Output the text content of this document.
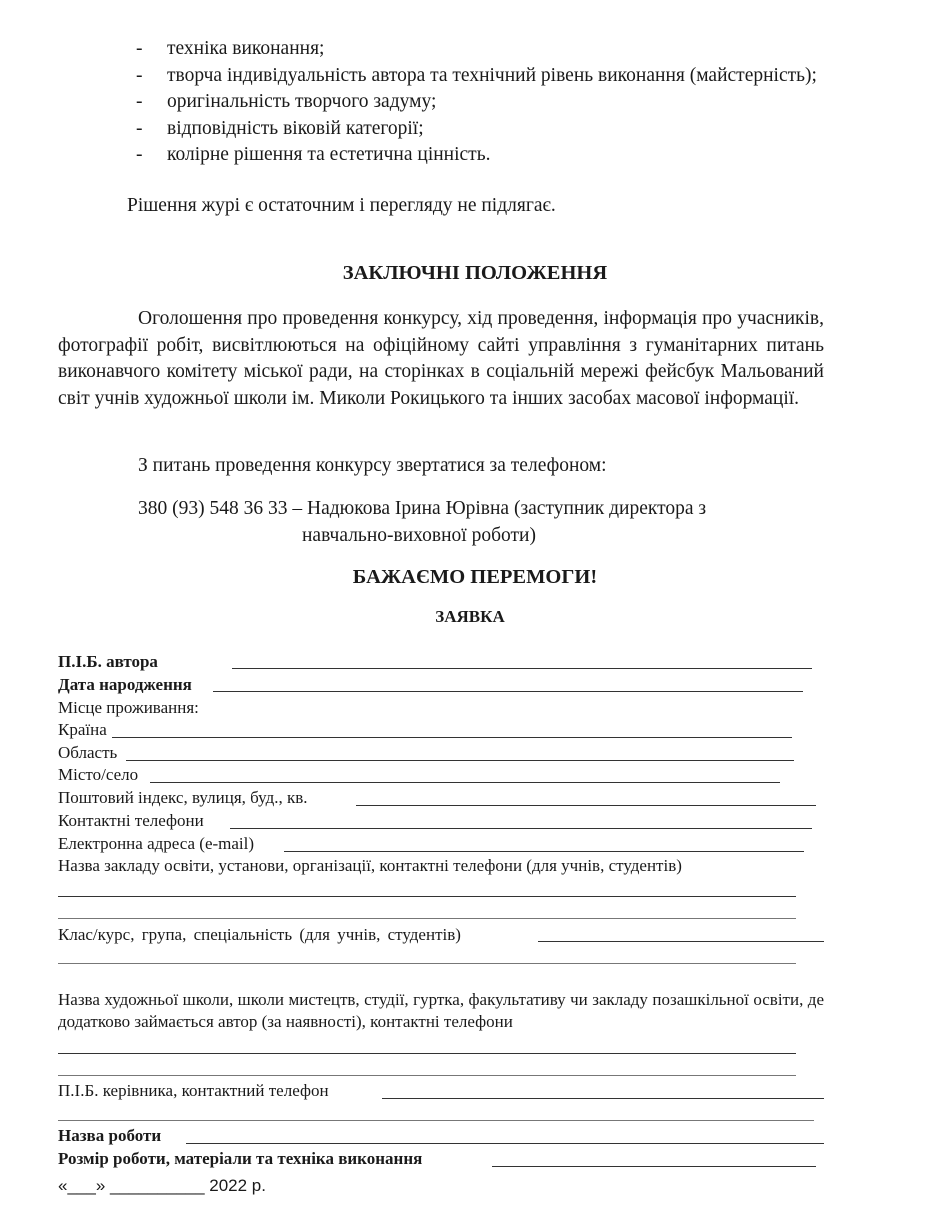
- техніка виконання;
- творча індивідуальність автора та технічний рівень виконання (майстерність);
- оригінальність творчого задуму;
- відповідність віковій категорії;
- колірне рішення та естетична цінність.
Рішення журі є остаточним і перегляду не підлягає.
ЗАКЛЮЧНІ ПОЛОЖЕННЯ
Оголошення про проведення конкурсу, хід проведення, інформація про учасників, фотографії робіт, висвітлюються на офіційному сайті управління з гуманітарних питань виконавчого комітету міської ради, на сторінках в соціальній мережі фейсбук Мальований світ учнів художньої школи ім. Миколи Рокицького та інших засобах масової інформації.
З питань проведення конкурсу звертатися за телефоном:
380 (93) 548 36 33 – Надюкова Ірина Юрівна (заступник директора з
навчально-виховної роботи)
БАЖАЄМО ПЕРЕМОГИ!
ЗАЯВКА
П.І.Б. автора
Дата народження
Місце проживання:
Країна
Область
Місто/село
Поштовий індекс, вулиця, буд., кв.
Контактні телефони
Електронна адреса (e-mail)
Назва закладу освіти, установи, організації, контактні телефони (для учнів, студентів)
Клас/курс, група, спеціальність (для учнів, студентів)
Назва художньої школи, школи мистецтв, студії, гуртка, факультативу чи закладу позашкільної освіти, де додатково займається автор (за наявності), контактні телефони
П.І.Б. керівника, контактний телефон
Назва роботи
Розмір роботи, матеріали та техніка виконання
«___» __________ 2022 р.
